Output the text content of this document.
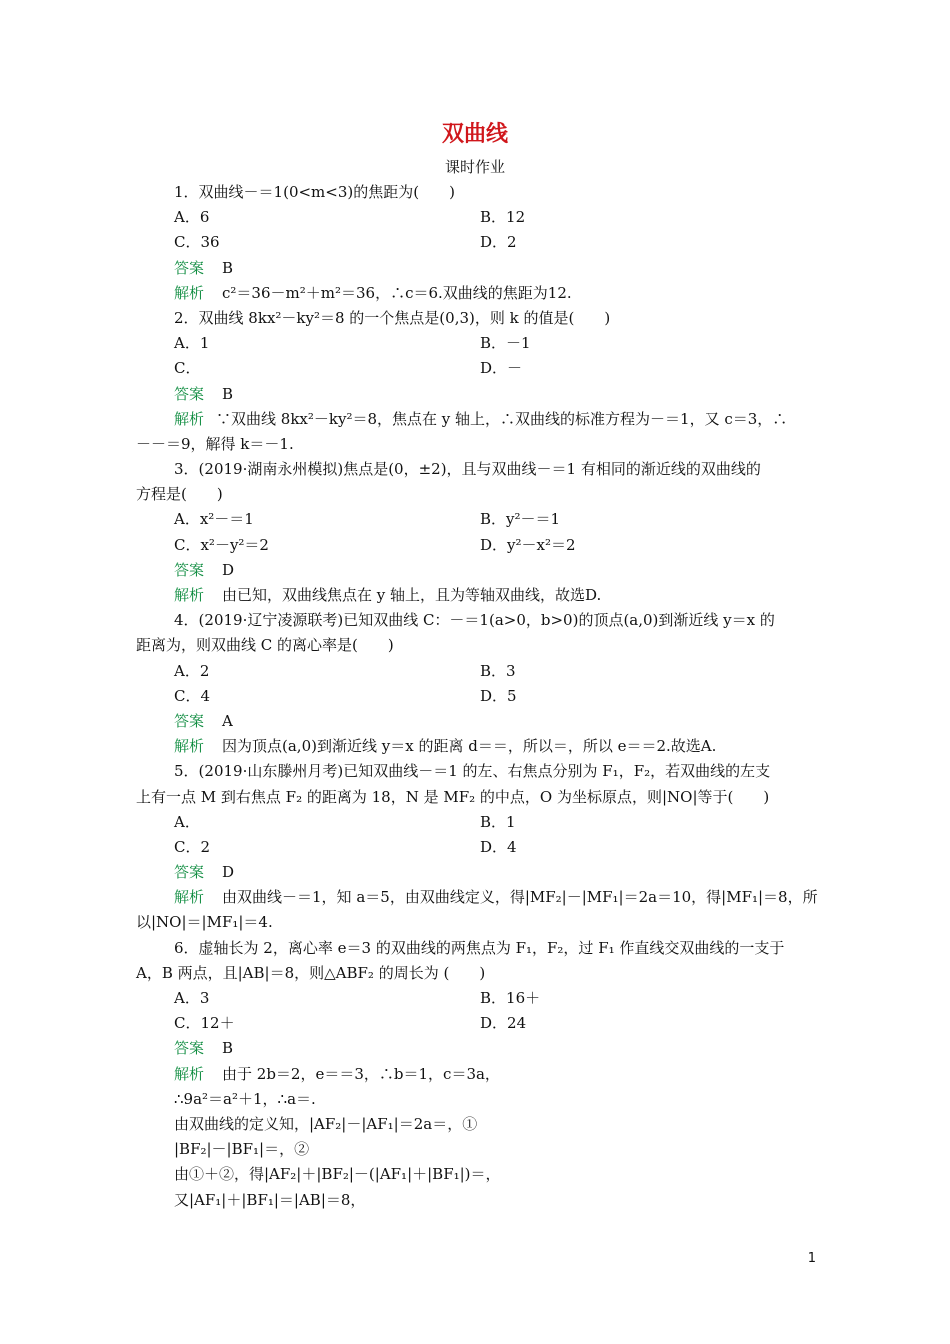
双曲线
课时作业
1．双曲线－＝1(0<m<3)的焦距为(　　)
A．6	B．12
C．36	D．2
答案 B
解析 c²＝36－m²＋m²＝36，∴c＝6.双曲线的焦距为12.
2．双曲线 8kx²－ky²＝8 的一个焦点是(0,3)，则 k 的值是(　　)
A．1	B．－1
C．	D．－
答案 B
解析 ∵双曲线 8kx²－ky²＝8，焦点在 y 轴上，∴双曲线的标准方程为－＝1，又 c＝3，∴
－－＝9，解得 k＝－1.
3．(2019·湖南永州模拟)焦点是(0，±2)，且与双曲线－＝1 有相同的渐近线的双曲线的
方程是(　　)
A．x²－＝1	B．y²－＝1
C．x²－y²＝2	D．y²－x²＝2
答案 D
解析 由已知，双曲线焦点在 y 轴上，且为等轴双曲线，故选D.
4．(2019·辽宁凌源联考)已知双曲线 C：－＝1(a>0，b>0)的顶点(a,0)到渐近线 y＝x 的
距离为，则双曲线 C 的离心率是(　　)
A．2	B．3
C．4	D．5
答案 A
解析 因为顶点(a,0)到渐近线 y＝x 的距离 d＝＝，所以＝，所以 e＝＝2.故选A.
5．(2019·山东滕州月考)已知双曲线－＝1 的左、右焦点分别为 F₁，F₂，若双曲线的左支
上有一点 M 到右焦点 F₂ 的距离为 18，N 是 MF₂ 的中点，O 为坐标原点，则|NO|等于(　　)
A．	B．1
C．2	D．4
答案 D
解析 由双曲线－＝1，知 a＝5，由双曲线定义，得|MF₂|－|MF₁|＝2a＝10，得|MF₁|＝8，所
以|NO|＝|MF₁|＝4.
6．虚轴长为 2，离心率 e＝3 的双曲线的两焦点为 F₁，F₂，过 F₁ 作直线交双曲线的一支于
A，B 两点，且|AB|＝8，则△ABF₂ 的周长为 (　　)
A．3	B．16＋
C．12＋	D．24
答案 B
解析 由于 2b＝2，e＝＝3，∴b＝1，c＝3a，
∴9a²＝a²＋1，∴a＝.
由双曲线的定义知，|AF₂|－|AF₁|＝2a＝，①
|BF₂|－|BF₁|＝，②
由①＋②，得|AF₂|＋|BF₂|－(|AF₁|＋|BF₁|)＝，
又|AF₁|＋|BF₁|＝|AB|＝8，
1
